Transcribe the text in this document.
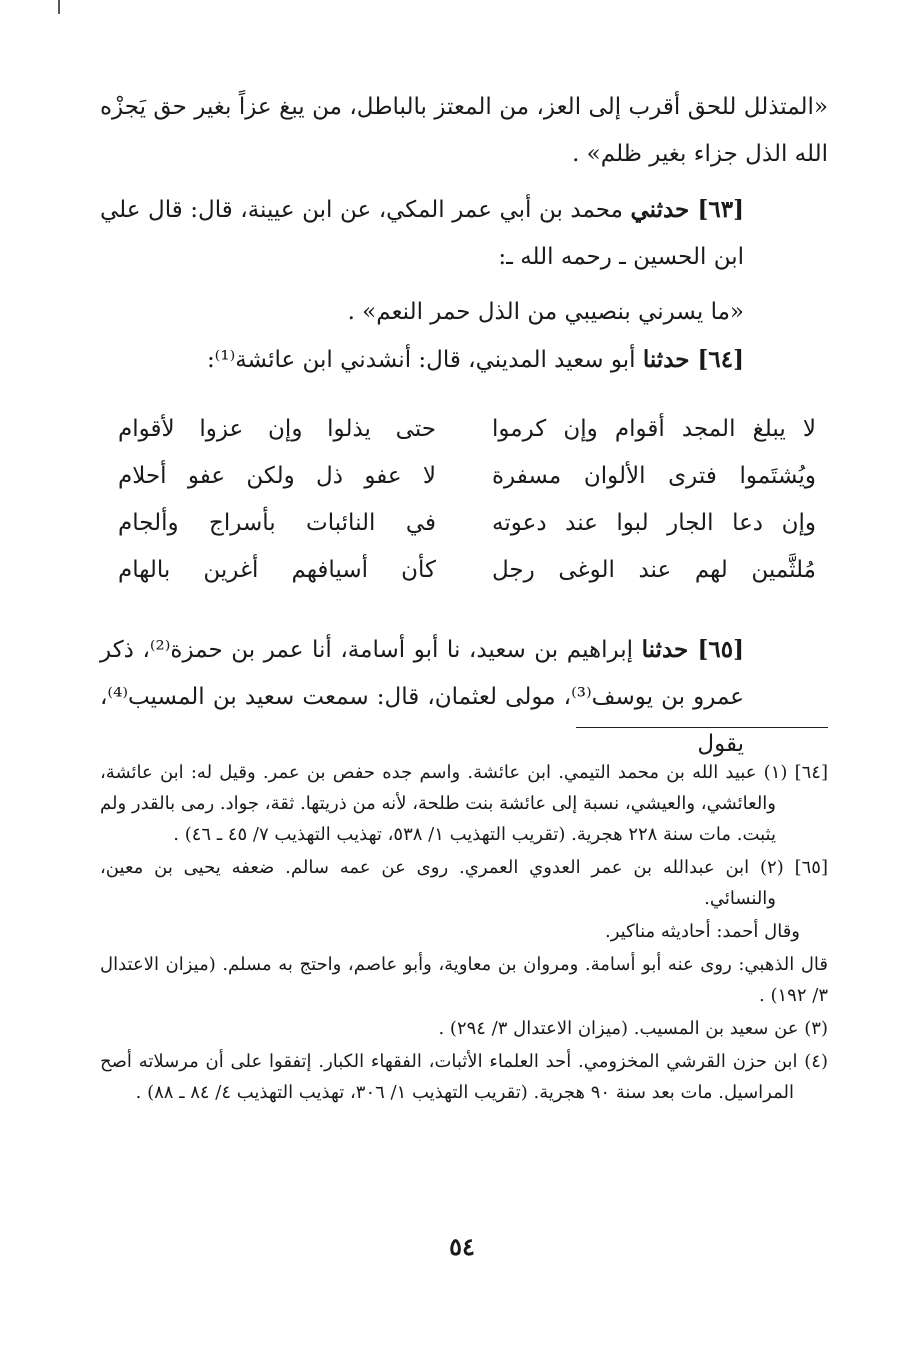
«المتذلل للحق أقرب إلى العز، من المعتز بالباطل، من يبغ عزاً بغير حق يَجزْه الله الذل جزاء بغير ظلم» .

[٦٣] حدثني محمد بن أبي عمر المكي، عن ابن عيينة، قال: قال علي ابن الحسين ـ رحمه الله ـ:

«ما يسرني بنصيبي من الذل حمر النعم» .

[٦٤] حدثنا أبو سعيد المديني، قال: أنشدني ابن عائشة⁽¹⁾:

لا يبلغ المجد أقوام وإن كرموا
حتى يذلوا وإن عزوا لأقوام
ويُشتَموا فترى الألوان مسفرة
لا عفو ذل ولكن عفو أحلام
وإن دعا الجار لبوا عند دعوته
في النائبات بأسراج وألجام
مُلثَّمين لهم عند الوغى رجل
كأن أسيافهم أغرين بالهام

[٦٥] حدثنا إبراهيم بن سعيد، نا أبو أسامة، أنا عمر بن حمزة⁽²⁾، ذكر عمرو بن يوسف⁽³⁾، مولى لعثمان، قال: سمعت سعيد بن المسيب⁽⁴⁾، يقول

[٦٤] (١) عبيد الله بن محمد التيمي. ابن عائشة. واسم جده حفص بن عمر. وقيل له: ابن عائشة، والعائشي، والعيشي، نسبة إلى عائشة بنت طلحة، لأنه من ذريتها. ثقة، جواد. رمى بالقدر ولم يثبت. مات سنة ٢٢٨ هجرية. (تقريب التهذيب ١/ ٥٣٨، تهذيب التهذيب ٧/ ٤٥ ـ ٤٦) .

[٦٥] (٢) ابن عبدالله بن عمر العدوي العمري. روى عن عمه سالم. ضعفه يحيى بن معين، والنسائي.

وقال أحمد: أحاديثه مناكير.

قال الذهبي: روى عنه أبو أسامة. ومروان بن معاوية، وأبو عاصم، واحتج به مسلم. (ميزان الاعتدال ٣/ ١٩٢) .

(٣) عن سعيد بن المسيب. (ميزان الاعتدال ٣/ ٢٩٤) .

(٤) ابن حزن القرشي المخزومي. أحد العلماء الأثبات، الفقهاء الكبار. إتفقوا على أن مرسلاته أصح المراسيل. مات بعد سنة ٩٠ هجرية. (تقريب التهذيب ١/ ٣٠٦، تهذيب التهذيب ٤/ ٨٤ ـ ٨٨) .

٥٤
